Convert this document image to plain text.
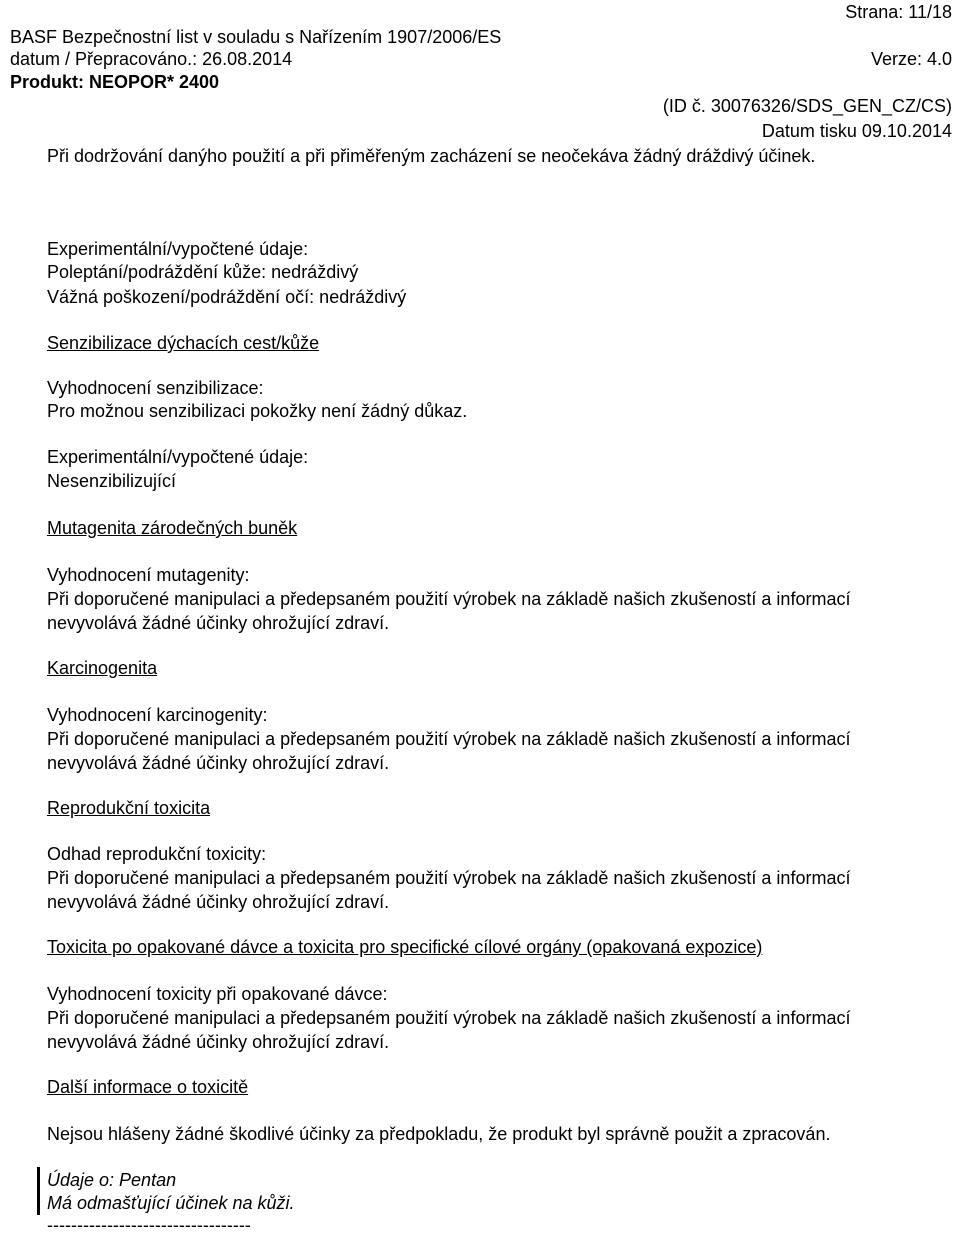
Strana: 11/18
BASF Bezpečnostní list v souladu s Nařízením 1907/2006/ES
datum / Přepracováno.: 26.08.2014	Verze: 4.0
Produkt: NEOPOR* 2400
(ID č. 30076326/SDS_GEN_CZ/CS)
Datum tisku 09.10.2014
Při dodržování danýho použití a při přiměřeným zacházení se neočekáva žádný dráždivý účinek.
Experimentální/vypočtené údaje:
Poleptání/podráždění kůže: nedráždivý
Vážná poškození/podráždění očí: nedráždivý
Senzibilizace dýchacích cest/kůže
Vyhodnocení senzibilizace:
Pro možnou senzibilizaci pokožky není žádný důkaz.
Experimentální/vypočtené údaje:
Nesenzibilizující
Mutagenita zárodečných buněk
Vyhodnocení mutagenity:
Při doporučené manipulaci a předepsaném použití výrobek na základě našich zkušeností a informací
nevyvolává žádné účinky ohrožující zdraví.
Karcinogenita
Vyhodnocení karcinogenity:
Při doporučené manipulaci a předepsaném použití výrobek na základě našich zkušeností a informací
nevyvolává žádné účinky ohrožující zdraví.
Reprodukční toxicita
Odhad reprodukční toxicity:
Při doporučené manipulaci a předepsaném použití výrobek na základě našich zkušeností a informací
nevyvolává žádné účinky ohrožující zdraví.
Toxicita po opakované dávce a toxicita pro specifické cílové orgány (opakovaná expozice)
Vyhodnocení toxicity při opakované dávce:
Při doporučené manipulaci a předepsaném použití výrobek na základě našich zkušeností a informací
nevyvolává žádné účinky ohrožující zdraví.
Další informace o toxicitě
Nejsou hlášeny žádné škodlivé účinky za předpokladu, že produkt byl správně použit a zpracován.
Údaje o: Pentan
Má odmašťující účinek na kůži.
----------------------------------
